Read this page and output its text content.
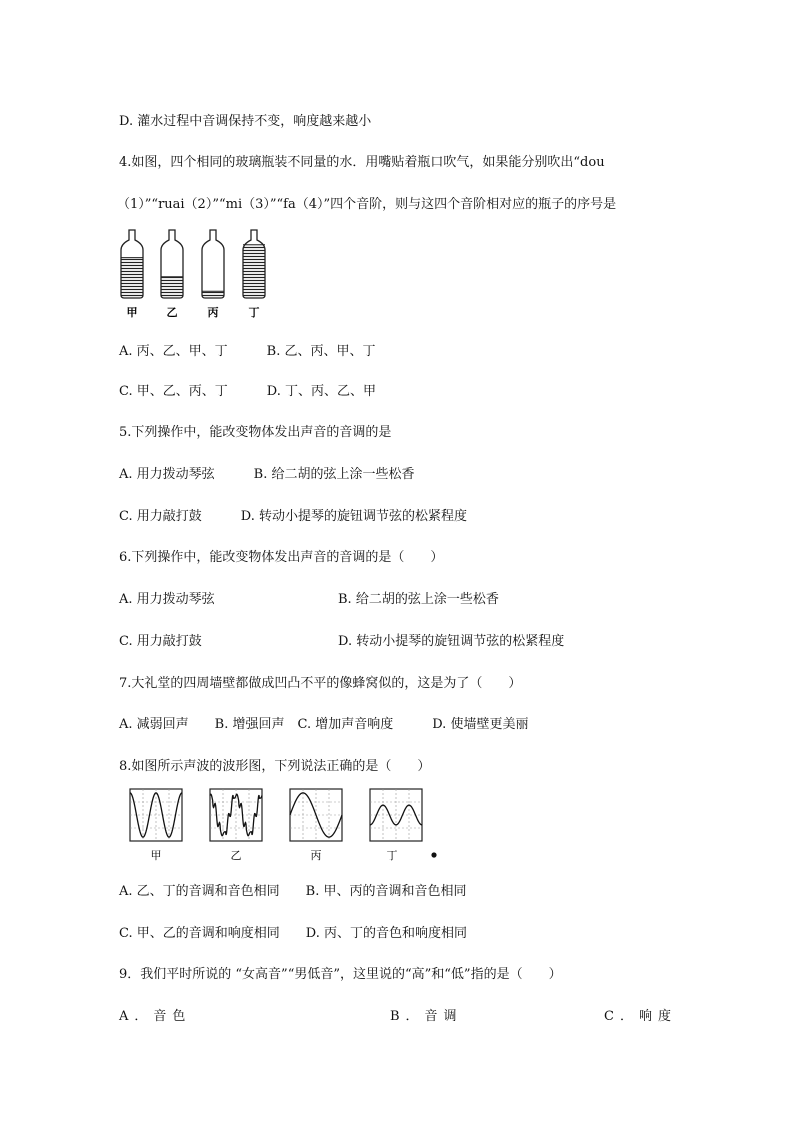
D. 灌水过程中音调保持不变，响度越来越小
4.如图，四个相同的玻璃瓶装不同量的水．用嘴贴着瓶口吹气，如果能分别吹出“dou
（1）”“ruai（2）”“mi（3）”“fa（4）”四个音阶，则与这四个音阶相对应的瓶子的序号是
甲	乙	丙	丁
A. 丙、乙、甲、丁　　　B. 乙、丙、甲、丁
C. 甲、乙、丙、丁　　　D. 丁、丙、乙、甲
5.下列操作中，能改变物体发出声音的音调的是
A. 用力拨动琴弦　　　B. 给二胡的弦上涂一些松香
C. 用力敲打鼓　　　D. 转动小提琴的旋钮调节弦的松紧程度
6.下列操作中，能改变物体发出声音的音调的是（　　）
A. 用力拨动琴弦	B. 给二胡的弦上涂一些松香
C. 用力敲打鼓	D. 转动小提琴的旋钮调节弦的松紧程度
7.大礼堂的四周墙壁都做成凹凸不平的像蜂窝似的，这是为了（　　）
A. 减弱回声　　B. 增强回声　C. 增加声音响度　　　D. 使墙壁更美丽
8.如图所示声波的波形图，下列说法正确的是（　　）
甲	乙	丙	丁
A. 乙、丁的音调和音色相同　　B. 甲、丙的音调和音色相同
C. 甲、乙的音调和响度相同　　D. 丙、丁的音色和响度相同
9．我们平时所说的 “女高音”“男低音”，这里说的“高”和“低”指的是（　　）
A．音色	B．音调	C．响度
